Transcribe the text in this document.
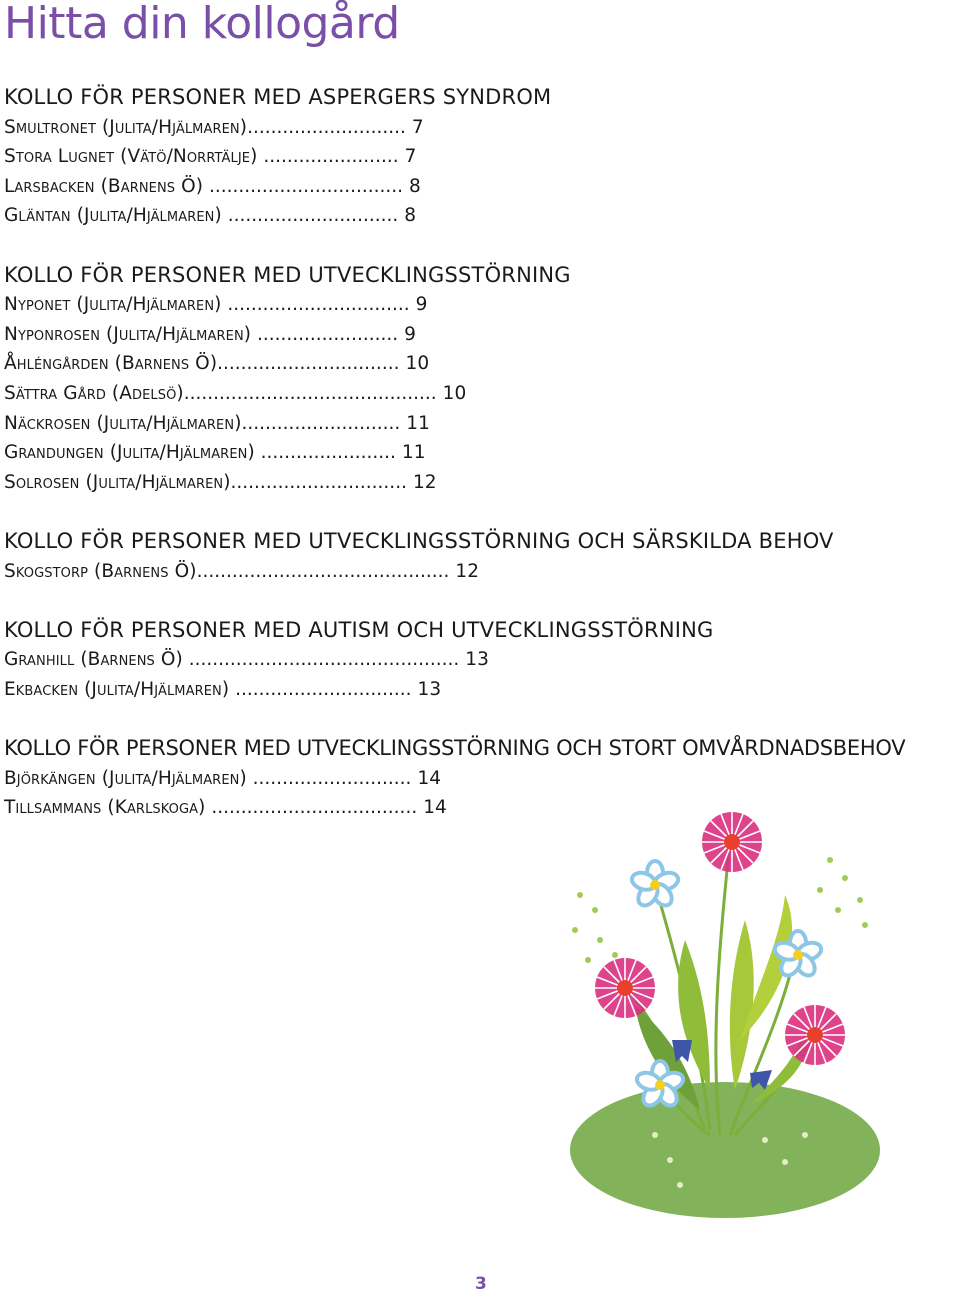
Hitta din kollogård
KOLLO FÖR PERSONER MED ASPERGERS SYNDROM
Smultronet (Julita/Hjälmaren)........................... 7
Stora Lugnet (Vätö/Norrtälje) ....................... 7
Larsbacken (Barnens Ö) ................................. 8
Gläntan (Julita/Hjälmaren) ............................. 8
KOLLO FÖR PERSONER MED UTVECKLINGSSTÖRNING
Nyponet (Julita/Hjälmaren) ............................... 9
Nyponrosen (Julita/Hjälmaren) ........................ 9
Åhléngården (Barnens Ö)............................... 10
Sättra Gård (Adelsö)........................................... 10
Näckrosen (Julita/Hjälmaren)........................... 11
Grandungen (Julita/Hjälmaren) ....................... 11
Solrosen (Julita/Hjälmaren).............................. 12
KOLLO FÖR PERSONER MED UTVECKLINGSSTÖRNING OCH SÄRSKILDA BEHOV
Skogstorp (Barnens Ö)........................................... 12
KOLLO FÖR PERSONER MED AUTISM OCH UTVECKLINGSSTÖRNING
Granhill (Barnens Ö) .............................................. 13
Ekbacken (Julita/Hjälmaren) .............................. 13
KOLLO FÖR PERSONER MED UTVECKLINGSSTÖRNING OCH STORT OMVÅRDNADSBEHOV
Björkängen (Julita/Hjälmaren) ........................... 14
Tillsammans (Karlskoga) ................................... 14
3
